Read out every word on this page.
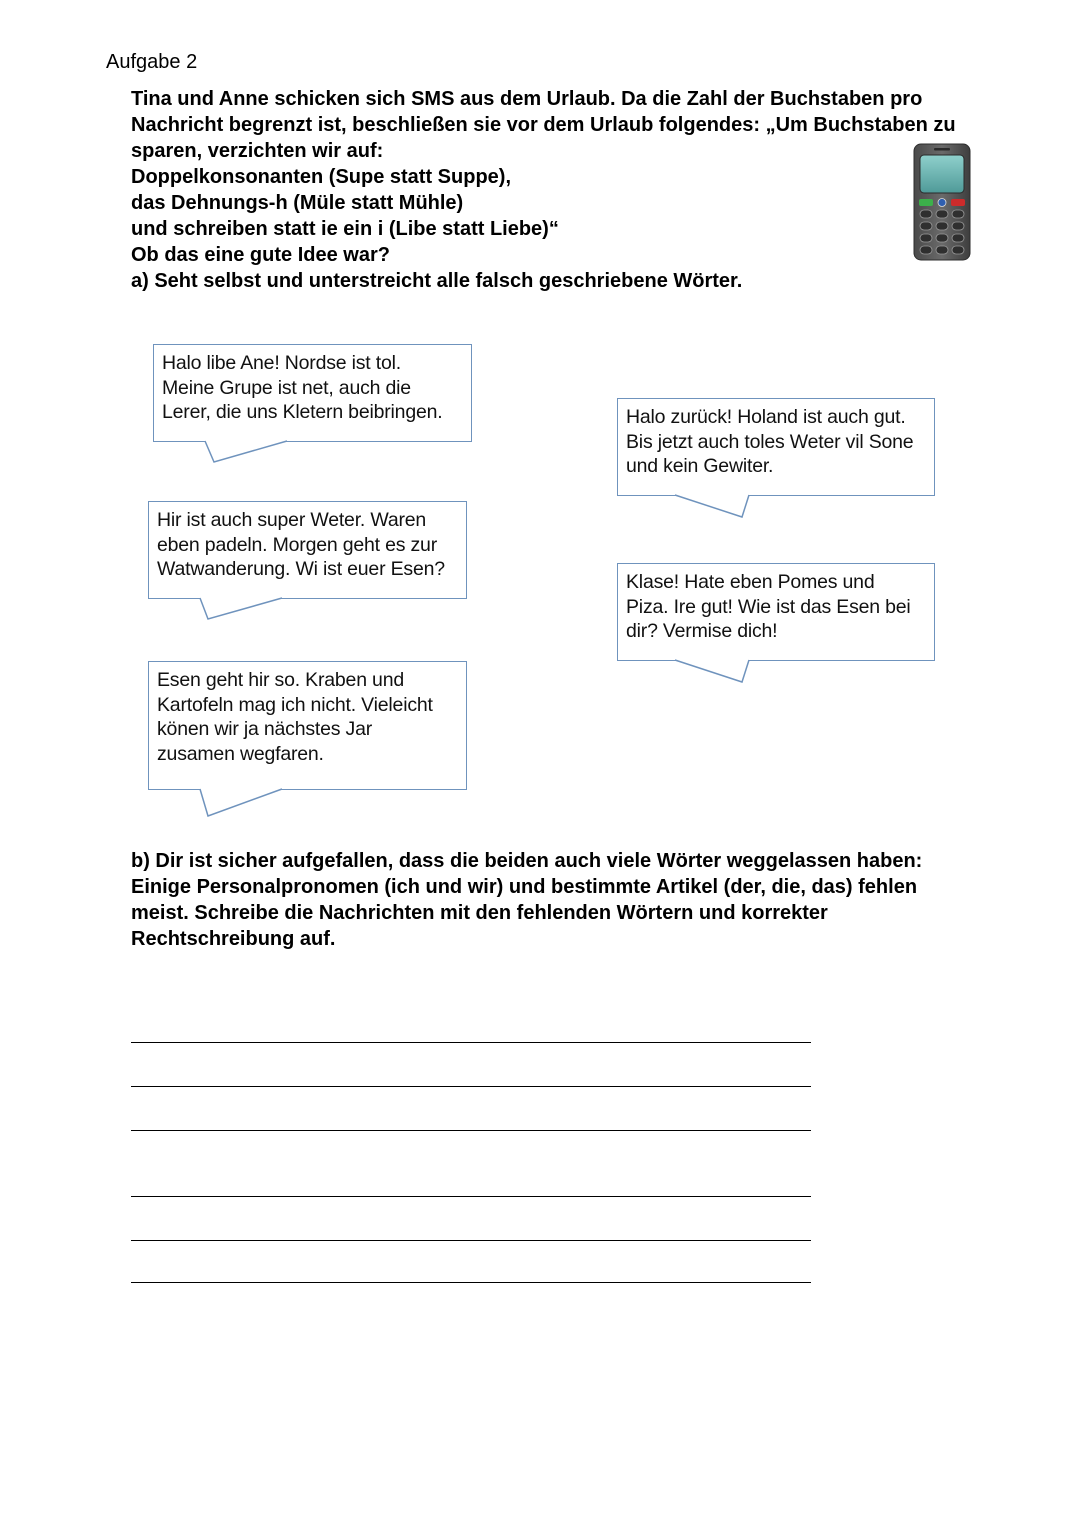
Aufgabe 2
Tina und Anne schicken sich SMS aus dem Urlaub. Da die Zahl der Buchstaben pro
Nachricht begrenzt ist, beschließen sie vor dem Urlaub folgendes: „Um Buchstaben zu
sparen, verzichten wir auf:
Doppelkonsonanten (Supe statt Suppe),
das Dehnungs-h (Müle statt Mühle)
und schreiben statt ie ein i (Libe statt Liebe)“
Ob das eine gute Idee war?
a) Seht selbst und unterstreicht alle falsch geschriebene Wörter.
Halo libe Ane! Nordse ist tol.
Meine Grupe ist net, auch die
Lerer, die uns Kletern beibringen.	Halo zurück! Holand ist auch gut.
Bis jetzt auch toles Weter vil Sone
und kein Gewiter.
Hir ist auch super Weter. Waren
eben padeln. Morgen geht es zur
Watwanderung. Wi ist euer Esen?
Klase! Hate eben Pomes und
Piza. Ire gut! Wie ist das Esen bei
dir? Vermise dich!
Esen geht hir so. Kraben und
Kartofeln mag ich nicht. Vieleicht
könen wir ja nächstes Jar
zusamen wegfaren.
b) Dir ist sicher aufgefallen, dass die beiden auch viele Wörter weggelassen haben:
Einige Personalpronomen (ich und wir) und bestimmte Artikel (der, die, das) fehlen
meist. Schreibe die Nachrichten mit den fehlenden Wörtern und korrekter
Rechtschreibung auf.
